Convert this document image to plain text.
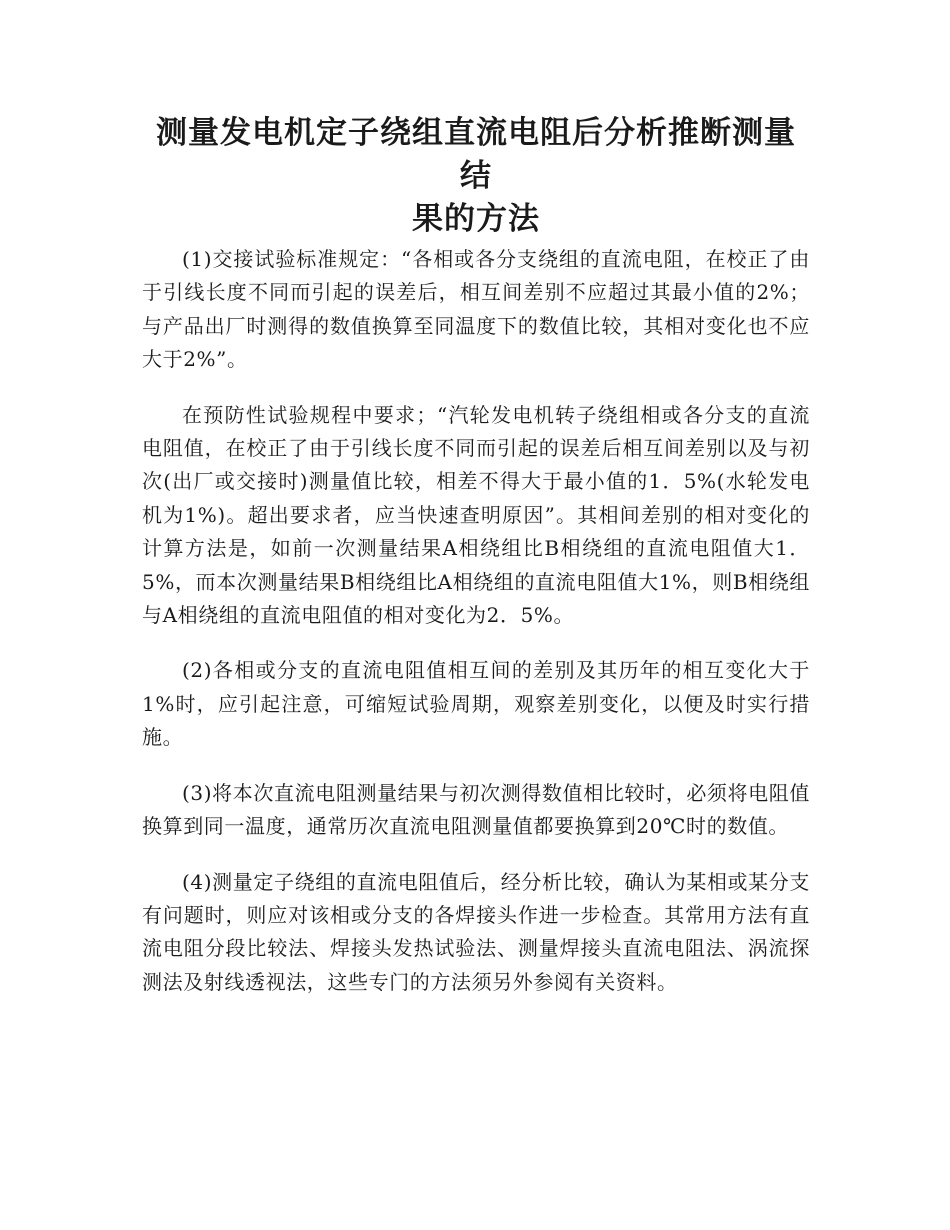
测量发电机定子绕组直流电阻后分析推断测量结
果的方法

(1)交接试验标准规定：“各相或各分支绕组的直流电阻，在校正了由于引线长度不同而引起的误差后，相互间差别不应超过其最小值的2%；与产品出厂时测得的数值换算至同温度下的数值比较，其相对变化也不应大于2%”。

在预防性试验规程中要求；“汽轮发电机转子绕组相或各分支的直流电阻值，在校正了由于引线长度不同而引起的误差后相互间差别以及与初次(出厂或交接时)测量值比较，相差不得大于最小值的1．5%(水轮发电机为1%)。超出要求者，应当快速查明原因”。其相间差别的相对变化的计算方法是，如前一次测量结果A相绕组比B相绕组的直流电阻值大1．5%，而本次测量结果B相绕组比A相绕组的直流电阻值大1%，则B相绕组与A相绕组的直流电阻值的相对变化为2．5%。

(2)各相或分支的直流电阻值相互间的差别及其历年的相互变化大于1%时，应引起注意，可缩短试验周期，观察差别变化，以便及时实行措施。

(3)将本次直流电阻测量结果与初次测得数值相比较时，必须将电阻值换算到同一温度，通常历次直流电阻测量值都要换算到20℃时的数值。

(4)测量定子绕组的直流电阻值后，经分析比较，确认为某相或某分支有问题时，则应对该相或分支的各焊接头作进一步检查。其常用方法有直流电阻分段比较法、焊接头发热试验法、测量焊接头直流电阻法、涡流探测法及射线透视法，这些专门的方法须另外参阅有关资料。
